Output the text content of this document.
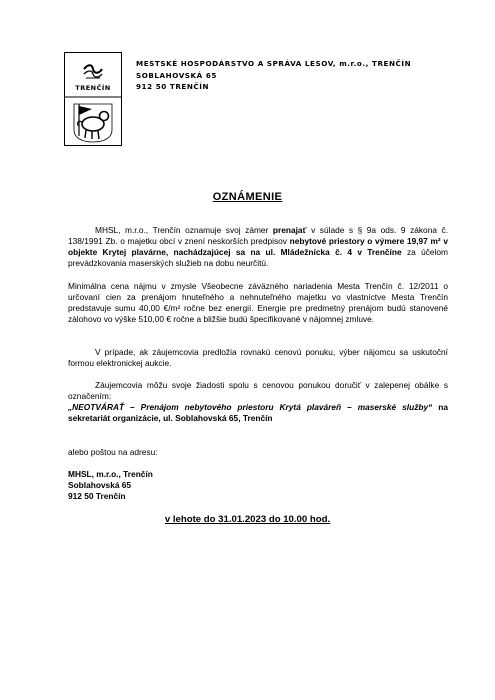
TRENČÍN
MESTSKÉ HOSPODÁRSTVO A SPRÁVA LESOV, m.r.o., TRENČÍN
SOBLAHOVSKÁ 65
912 50 TRENČÍN
OZNÁMENIE
MHSL, m.r.o., Trenčín oznamuje svoj zámer prenajať v súlade s § 9a ods. 9 zákona č. 138/1991 Zb. o majetku obcí v znení neskorších predpisov nebytové priestory o výmere 19,97 m² v objekte Krytej plavárne, nachádzajúcej sa na ul. Mládežnícka č. 4 v Trenčíne za účelom prevádzkovania maserských služieb na dobu neurčitú.
Minimálna cena nájmu v zmysle Všeobecne záväzného nariadenia Mesta Trenčín č. 12/2011 o určovaní cien za prenájom hnuteľného a nehnuteľného majetku vo vlastníctve Mesta Trenčín predstavuje sumu 40,00 €/m² ročne bez energií. Energie pre predmetný prenájom budú stanovené zálohovo vo výške 510,00 € ročne a bližšie budú špecifikované v nájomnej zmluve.
V prípade, ak záujemcovia predložia rovnakú cenovú ponuku, výber nájomcu sa uskutoční formou elektronickej aukcie.
Záujemcovia môžu svoje žiadosti spolu s cenovou ponukou doručiť v zalepenej obálke s označením:
„NEOTVÁRAŤ – Prenájom nebytového priestoru Krytá plaváreň – maserské služby“ na sekretariát organizácie, ul. Soblahovská 65, Trenčín
alebo poštou na adresu:
MHSL, m.r.o., Trenčín
Soblahovská 65
912 50 Trenčín
v lehote do 31.01.2023 do 10.00 hod.
